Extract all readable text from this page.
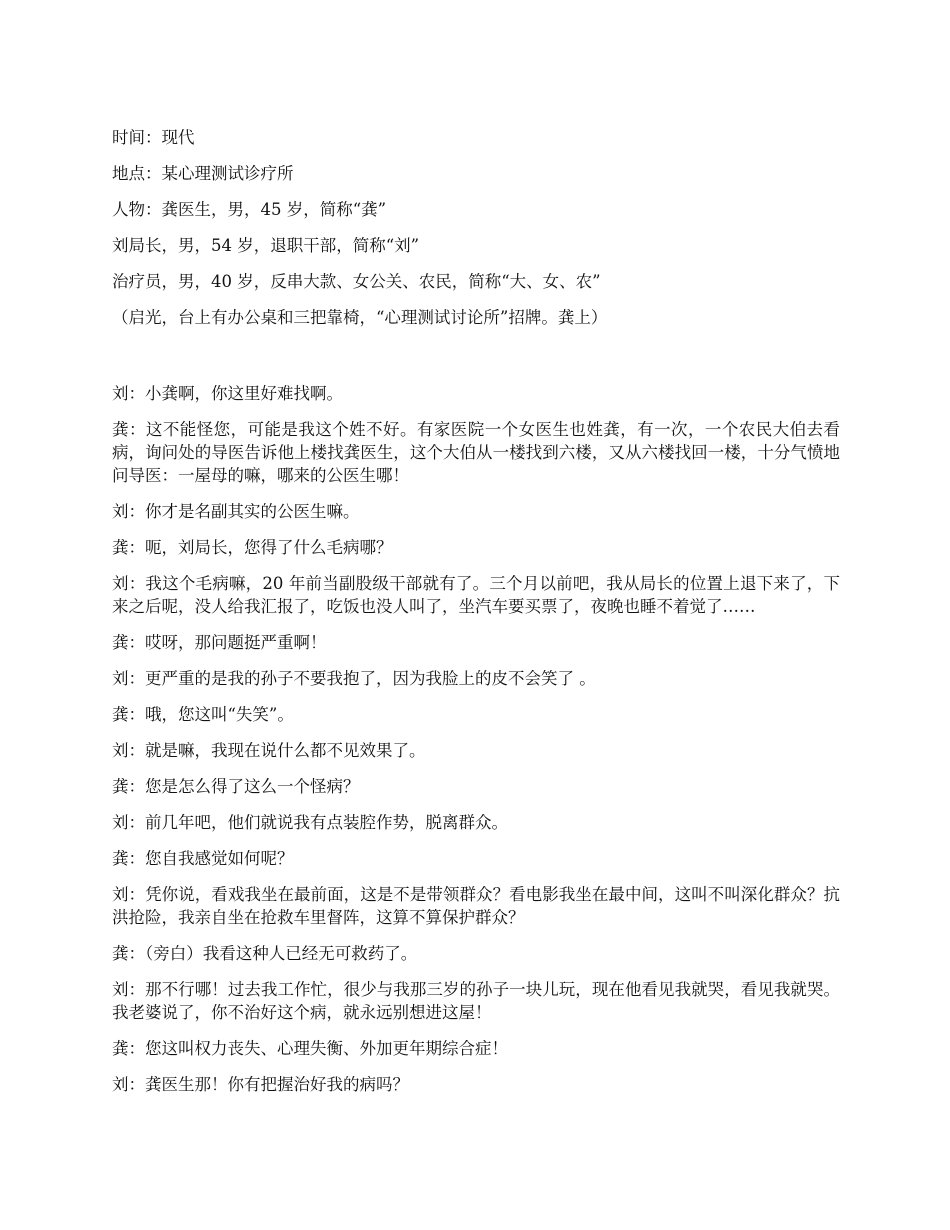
时间：现代

地点：某心理测试诊疗所

人物：龚医生，男，45 岁，简称“龚”

刘局长，男，54 岁，退职干部，简称“刘”

治疗员，男，40 岁，反串大款、女公关、农民，简称“大、女、农”

（启光，台上有办公桌和三把靠椅，“心理测试讨论所”招牌。龚上）

刘：小龚啊，你这里好难找啊。

龚：这不能怪您，可能是我这个姓不好。有家医院一个女医生也姓龚，有一次，一个农民大伯去看病，询问处的导医告诉他上楼找龚医生，这个大伯从一楼找到六楼，又从六楼找回一楼，十分气愤地问导医：一屋母的嘛，哪来的公医生哪！

刘：你才是名副其实的公医生嘛。

龚：呃，刘局长，您得了什么毛病哪？

刘：我这个毛病嘛，20 年前当副股级干部就有了。三个月以前吧，我从局长的位置上退下来了，下来之后呢，没人给我汇报了，吃饭也没人叫了，坐汽车要买票了，夜晚也睡不着觉了……

龚：哎呀，那问题挺严重啊！

刘：更严重的是我的孙子不要我抱了，因为我脸上的皮不会笑了 。

龚：哦，您这叫“失笑”。

刘：就是嘛，我现在说什么都不见效果了。

龚：您是怎么得了这么一个怪病？

刘：前几年吧，他们就说我有点装腔作势，脱离群众。

龚：您自我感觉如何呢？

刘：凭你说，看戏我坐在最前面，这是不是带领群众？看电影我坐在最中间，这叫不叫深化群众？抗洪抢险，我亲自坐在抢救车里督阵，这算不算保护群众？

龚：（旁白）我看这种人已经无可救药了。

刘：那不行哪！过去我工作忙，很少与我那三岁的孙子一块儿玩，现在他看见我就哭，看见我就哭。我老婆说了，你不治好这个病，就永远别想进这屋！

龚：您这叫权力丧失、心理失衡、外加更年期综合症！

刘：龚医生那！你有把握治好我的病吗？
